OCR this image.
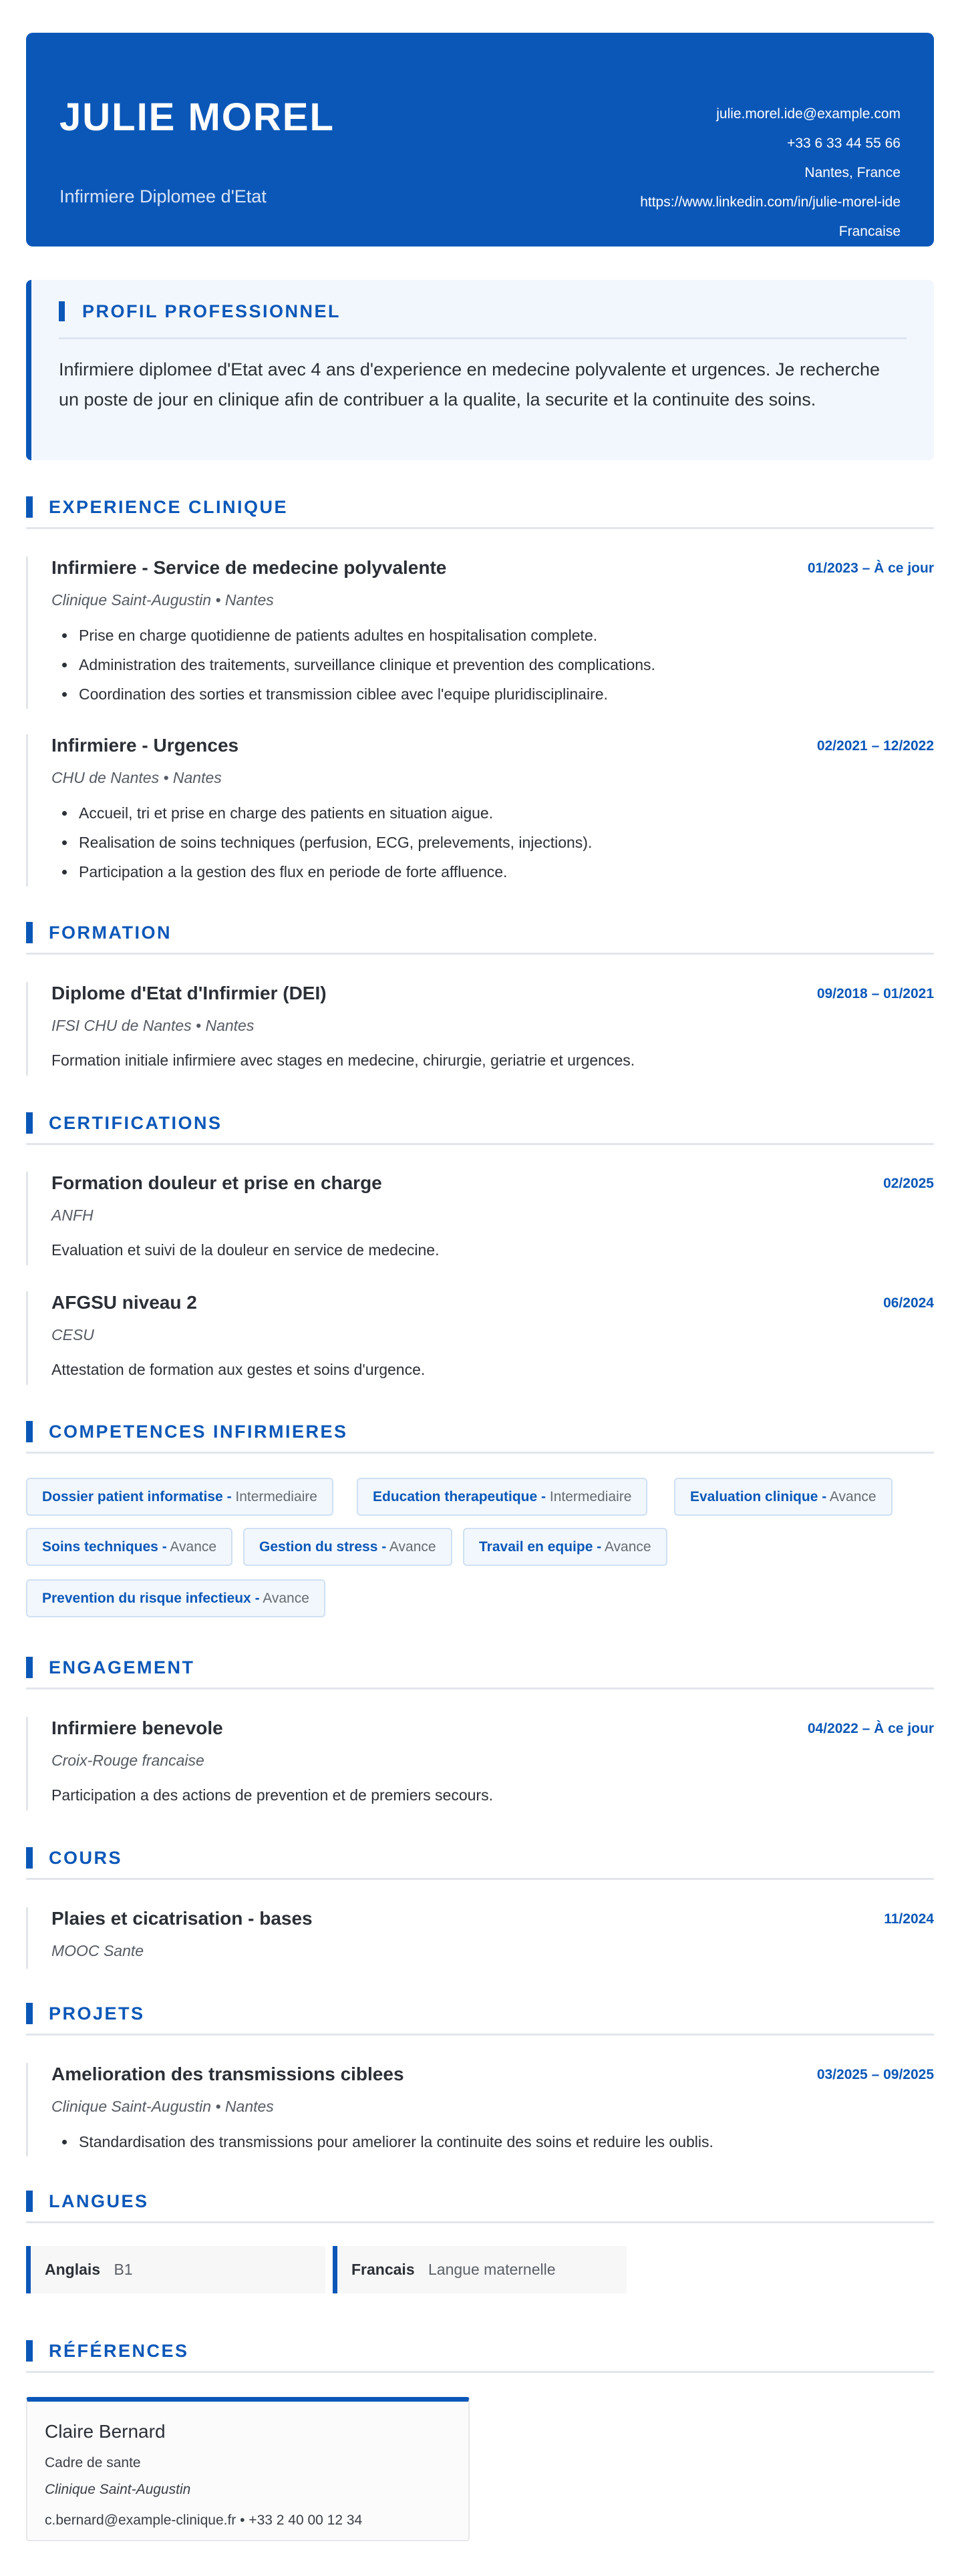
JULIE MOREL
Infirmiere Diplomee d'Etat
julie.morel.ide@example.com
+33 6 33 44 55 66
Nantes, France
https://www.linkedin.com/in/julie-morel-ide
Francaise
PROFIL PROFESSIONNEL
Infirmiere diplomee d'Etat avec 4 ans d'experience en medecine polyvalente et urgences. Je recherche un poste de jour en clinique afin de contribuer a la qualite, la securite et la continuite des soins.
EXPERIENCE CLINIQUE
Infirmiere - Service de medecine polyvalente	01/2023 – À ce jour
Clinique Saint-Augustin • Nantes
• Prise en charge quotidienne de patients adultes en hospitalisation complete.
• Administration des traitements, surveillance clinique et prevention des complications.
• Coordination des sorties et transmission ciblee avec l'equipe pluridisciplinaire.
Infirmiere - Urgences	02/2021 – 12/2022
CHU de Nantes • Nantes
• Accueil, tri et prise en charge des patients en situation aigue.
• Realisation de soins techniques (perfusion, ECG, prelevements, injections).
• Participation a la gestion des flux en periode de forte affluence.
FORMATION
Diplome d'Etat d'Infirmier (DEI)	09/2018 – 01/2021
IFSI CHU de Nantes • Nantes
Formation initiale infirmiere avec stages en medecine, chirurgie, geriatrie et urgences.
CERTIFICATIONS
Formation douleur et prise en charge	02/2025
ANFH
Evaluation et suivi de la douleur en service de medecine.
AFGSU niveau 2	06/2024
CESU
Attestation de formation aux gestes et soins d'urgence.
COMPETENCES INFIRMIERES
Dossier patient informatise - Intermediaire	Education therapeutique - Intermediaire	Evaluation clinique - Avance
Soins techniques - Avance	Gestion du stress - Avance	Travail en equipe - Avance
Prevention du risque infectieux - Avance
ENGAGEMENT
Infirmiere benevole	04/2022 – À ce jour
Croix-Rouge francaise
Participation a des actions de prevention et de premiers secours.
COURS
Plaies et cicatrisation - bases	11/2024
MOOC Sante
PROJETS
Amelioration des transmissions ciblees	03/2025 – 09/2025
Clinique Saint-Augustin • Nantes
• Standardisation des transmissions pour ameliorer la continuite des soins et reduire les oublis.
LANGUES
Anglais B1	Francais Langue maternelle
RÉFÉRENCES
Claire Bernard
Cadre de sante
Clinique Saint-Augustin
c.bernard@example-clinique.fr • +33 2 40 00 12 34
